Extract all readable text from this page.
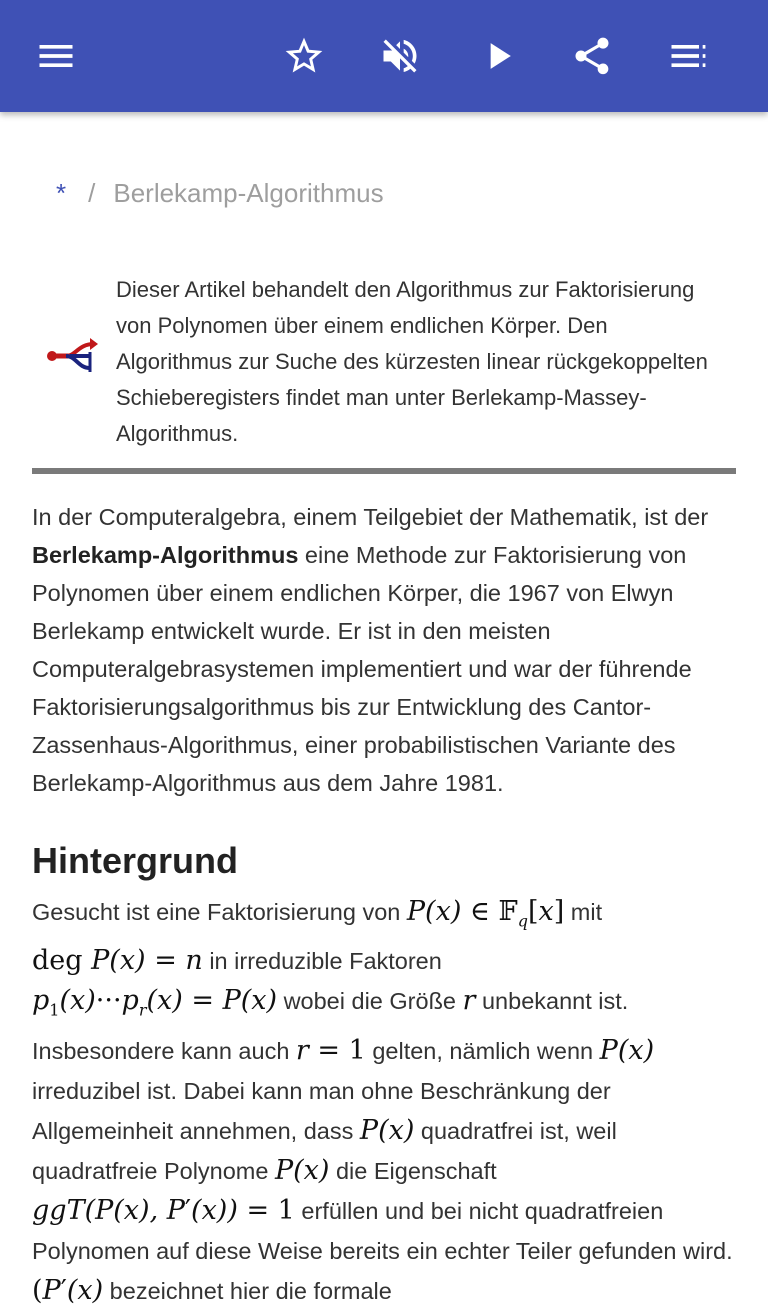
* / Berlekamp-Algorithmus
Dieser Artikel behandelt den Algorithmus zur Faktorisierung von Polynomen über einem endlichen Körper. Den Algorithmus zur Suche des kürzesten linear rückgekoppelten Schieberegisters findet man unter Berlekamp-Massey-Algorithmus.
In der Computeralgebra, einem Teilgebiet der Mathematik, ist der Berlekamp-Algorithmus eine Methode zur Faktorisierung von Polynomen über einem endlichen Körper, die 1967 von Elwyn Berlekamp entwickelt wurde. Er ist in den meisten Computeralgebrasystemen implementiert und war der führende Faktorisierungsalgorithmus bis zur Entwicklung des Cantor-Zassenhaus-Algorithmus, einer probabilistischen Variante des Berlekamp-Algorithmus aus dem Jahre 1981.
Hintergrund
Gesucht ist eine Faktorisierung von P(x) ∈ 𝔽$_q$[x] mit
deg P(x) = n in irreduzible Faktoren
$p_1(x)\cdot\cdot\cdot p_r(x) = P(x)$ wobei die Größe r unbekannt ist. Insbesondere kann auch r = 1 gelten, nämlich wenn P(x) irreduzibel ist. Dabei kann man ohne Beschränkung der Allgemeinheit annehmen, dass P(x) quadratfrei ist, weil quadratfreie Polynome P(x) die Eigenschaft
ggT(P(x), P′(x)) = 1 erfüllen und bei nicht quadratfreien Polynomen auf diese Weise bereits ein echter Teiler gefunden wird. (P′(x) bezeichnet hier die formale
